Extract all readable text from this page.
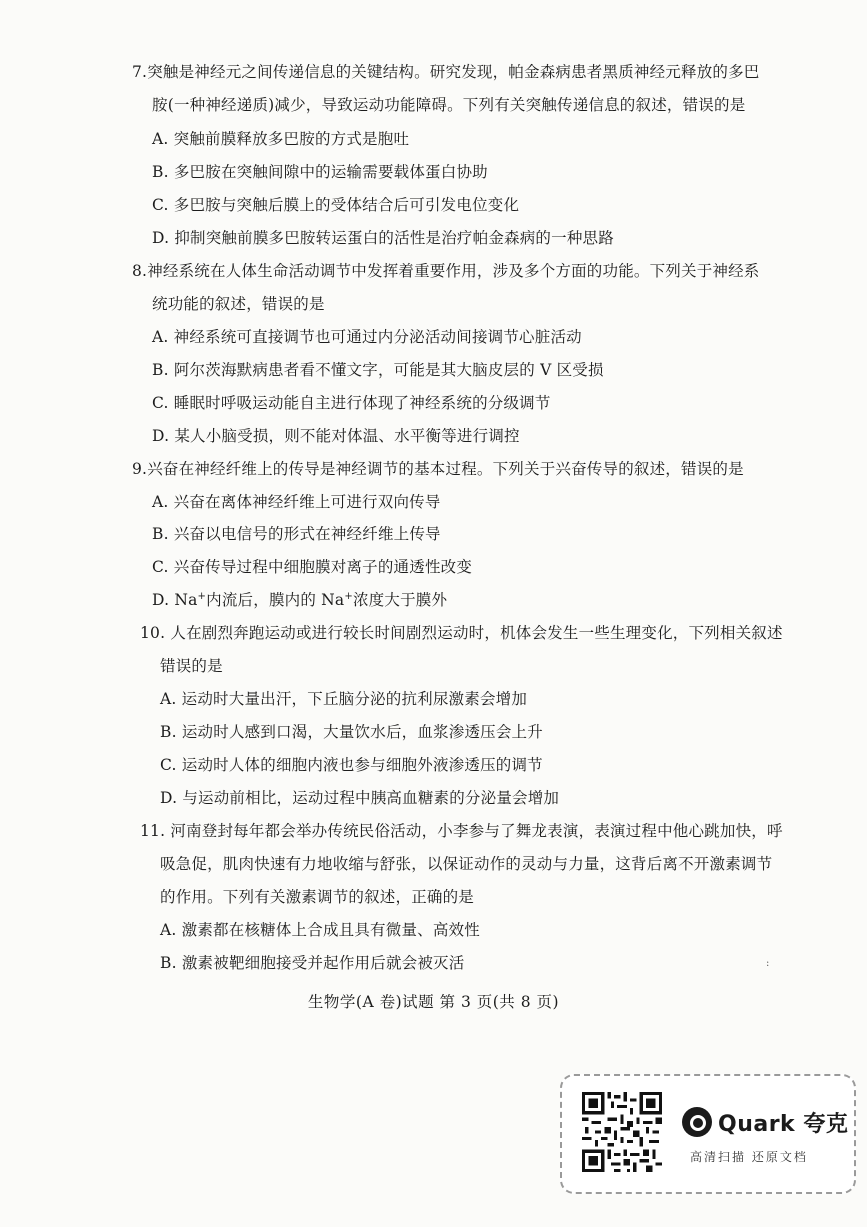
7.突触是神经元之间传递信息的关键结构。研究发现，帕金森病患者黑质神经元释放的多巴
胺(一种神经递质)减少，导致运动功能障碍。下列有关突触传递信息的叙述，错误的是
A. 突触前膜释放多巴胺的方式是胞吐
B. 多巴胺在突触间隙中的运输需要载体蛋白协助
C. 多巴胺与突触后膜上的受体结合后可引发电位变化
D. 抑制突触前膜多巴胺转运蛋白的活性是治疗帕金森病的一种思路
8.神经系统在人体生命活动调节中发挥着重要作用，涉及多个方面的功能。下列关于神经系
统功能的叙述，错误的是
A. 神经系统可直接调节也可通过内分泌活动间接调节心脏活动
B. 阿尔茨海默病患者看不懂文字，可能是其大脑皮层的 V 区受损
C. 睡眠时呼吸运动能自主进行体现了神经系统的分级调节
D. 某人小脑受损，则不能对体温、水平衡等进行调控
9.兴奋在神经纤维上的传导是神经调节的基本过程。下列关于兴奋传导的叙述，错误的是
A. 兴奋在离体神经纤维上可进行双向传导
B. 兴奋以电信号的形式在神经纤维上传导
C. 兴奋传导过程中细胞膜对离子的通透性改变
D. Na+内流后，膜内的 Na+浓度大于膜外
10. 人在剧烈奔跑运动或进行较长时间剧烈运动时，机体会发生一些生理变化，下列相关叙述
错误的是
A. 运动时大量出汗，下丘脑分泌的抗利尿激素会增加
B. 运动时人感到口渴，大量饮水后，血浆渗透压会上升
C. 运动时人体的细胞内液也参与细胞外液渗透压的调节
D. 与运动前相比，运动过程中胰高血糖素的分泌量会增加
11. 河南登封每年都会举办传统民俗活动，小李参与了舞龙表演，表演过程中他心跳加快，呼
吸急促，肌肉快速有力地收缩与舒张，以保证动作的灵动与力量，这背后离不开激素调节
的作用。下列有关激素调节的叙述，正确的是
A. 激素都在核糖体上合成且具有微量、高效性
B. 激素被靶细胞接受并起作用后就会被灭活	:
生物学(A 卷)试题 第 3 页(共 8 页)
Quark 夸克
高清扫描 还原文档
